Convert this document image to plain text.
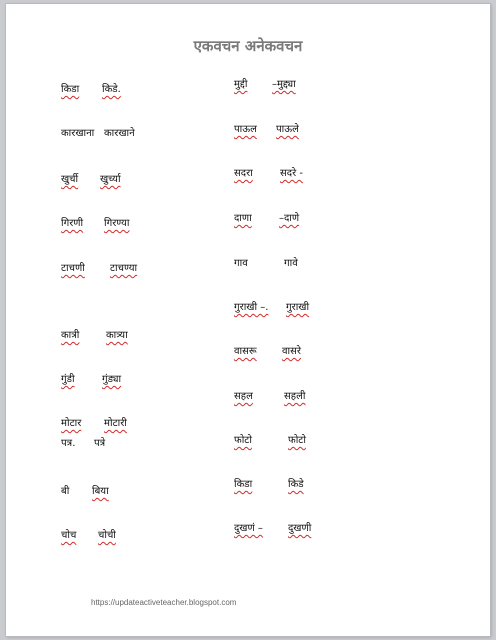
एकवचन अनेकवचन
किडा किडे.
कारखाना कारखाने
खुर्ची खुर्च्या
गिरणी गिरण्या
टाचणी	टाचण्या
कात्री	कात्र्या
गुंडी	गुंड्या
मोटार मोटारी
पत्र. पत्रे
बी बिया
चोच चोची
मुद्दी –मुद्द्या
पाऊल पाऊले
सदरा	सदरे -
दाणा	–दाणे
गाव	गावे
गुराखी –. गुराखी
वासरू	वासरे
सहल	सहली
फोटो	फोटो
किडा	किडे
दुखणं –	दुखणी
https://updateactiveteacher.blogspot.com
